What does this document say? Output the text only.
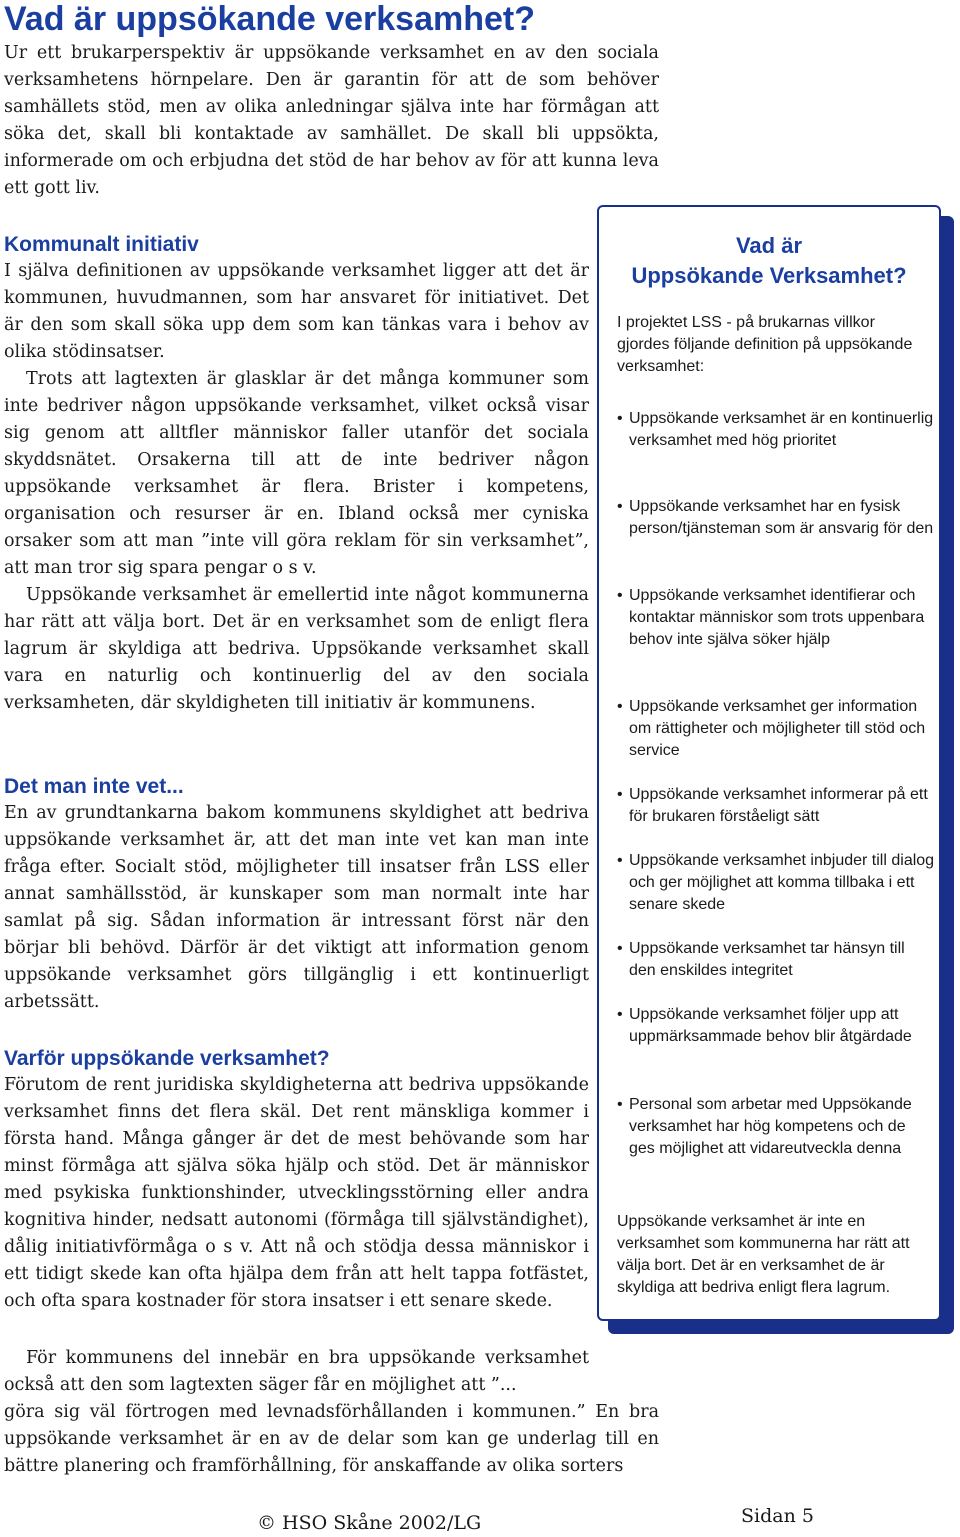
Vad är uppsökande verksamhet?

Ur ett brukarperspektiv är uppsökande verksamhet en av den sociala verksamhetens hörnpelare. Den är garantin för att de som behöver samhällets stöd, men av olika anledningar själva inte har förmågan att söka det, skall bli kontaktade av samhället. De skall bli uppsökta, informerade om och erbjudna det stöd de har behov av för att kunna leva ett gott liv.

Kommunalt initiativ

I själva definitionen av uppsökande verksamhet ligger att det är kommunen, huvudmannen, som har ansvaret för initiativet. Det är den som skall söka upp dem som kan tänkas vara i behov av olika stödinsatser.

Trots att lagtexten är glasklar är det många kommuner som inte bedriver någon uppsökande verksamhet, vilket också visar sig genom att alltfler människor faller utanför det sociala skyddsnätet. Orsakerna till att de inte bedriver någon uppsökande verksamhet är flera. Brister i kompetens, organisation och resurser är en. Ibland också mer cyniska orsaker som att man ”inte vill göra reklam för sin verksamhet”, att man tror sig spara pengar o s v.

Uppsökande verksamhet är emellertid inte något kommunerna har rätt att välja bort. Det är en verksamhet som de enligt flera lagrum är skyldiga att bedriva. Uppsökande verksamhet skall vara en naturlig och kontinuerlig del av den sociala verksamheten, där skyldigheten till initiativ är kommunens.

Det man inte vet...

En av grundtankarna bakom kommunens skyldighet att bedriva uppsökande verksamhet är, att det man inte vet kan man inte fråga efter. Socialt stöd, möjligheter till insatser från LSS eller annat samhällsstöd, är kunskaper som man normalt inte har samlat på sig. Sådan information är intressant först när den börjar bli behövd. Därför är det viktigt att information genom uppsökande verksamhet görs tillgänglig i ett kontinuerligt arbetssätt.

Varför uppsökande verksamhet?

Förutom de rent juridiska skyldigheterna att bedriva uppsökande verksamhet finns det flera skäl. Det rent mänskliga kommer i första hand. Många gånger är det de mest behövande som har minst förmåga att själva söka hjälp och stöd. Det är människor med psykiska funktionshinder, utvecklingsstörning eller andra kognitiva hinder, nedsatt autonomi (förmåga till självständighet), dålig initiativförmåga o s v. Att nå och stödja dessa människor i ett tidigt skede kan ofta hjälpa dem från att helt tappa fotfästet, och ofta spara kostnader för stora insatser i ett senare skede.

För kommunens del innebär en bra uppsökande verksamhet också att den som lagtexten säger får en möjlighet att ”...

göra sig väl förtrogen med levnadsförhållanden i kommunen.” En bra uppsökande verksamhet är en av de delar som kan ge underlag till en bättre planering och framförhållning, för anskaffande av olika sorters

Vad är
Uppsökande Verksamhet?

I projektet LSS - på brukarnas villkor gjordes följande definition på uppsökande verksamhet:

• Uppsökande verksamhet är en kontinuerlig verksamhet med hög prioritet
• Uppsökande verksamhet har en fysisk person/tjänsteman som är ansvarig för den
• Uppsökande verksamhet identifierar och kontaktar människor som trots uppenbara behov inte själva söker hjälp
• Uppsökande verksamhet ger information om rättigheter och möjligheter till stöd och service
• Uppsökande verksamhet informerar på ett för brukaren förståeligt sätt
• Uppsökande verksamhet inbjuder till dialog och ger möjlighet att komma tillbaka i ett senare skede
• Uppsökande verksamhet tar hänsyn till den enskildes integritet
• Uppsökande verksamhet följer upp att uppmärksammade behov blir åtgärdade
• Personal som arbetar med Uppsökande verksamhet har hög kompetens och de ges möjlighet att vidareutveckla denna

Uppsökande verksamhet är inte en verksamhet som kommunerna har rätt att välja bort. Det är en verksamhet de är skyldiga att bedriva enligt flera lagrum.

© HSO Skåne 2002/LG	Sidan 5
